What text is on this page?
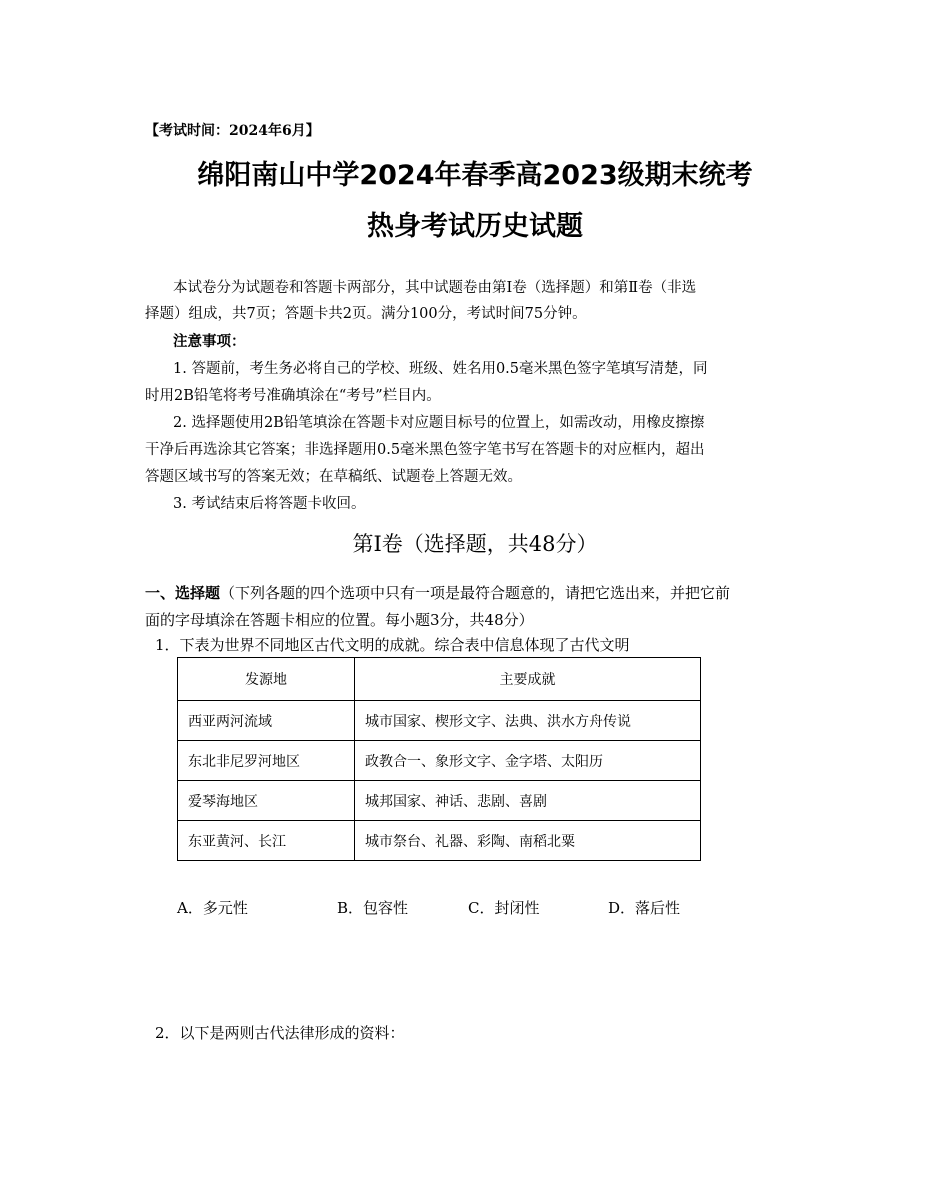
【考试时间：2024年6月】
绵阳南山中学2024年春季高2023级期末统考
热身考试历史试题
本试卷分为试题卷和答题卡两部分，其中试题卷由第Ⅰ卷（选择题）和第Ⅱ卷（非选
择题）组成，共7页；答题卡共2页。满分100分，考试时间75分钟。
注意事项：
1. 答题前，考生务必将自己的学校、班级、姓名用0.5毫米黑色签字笔填写清楚，同
时用2B铅笔将考号准确填涂在“考号”栏目内。
2. 选择题使用2B铅笔填涂在答题卡对应题目标号的位置上，如需改动，用橡皮擦擦
干净后再选涂其它答案；非选择题用0.5毫米黑色签字笔书写在答题卡的对应框内，超出
答题区域书写的答案无效；在草稿纸、试题卷上答题无效。
3. 考试结束后将答题卡收回。
第Ⅰ卷（选择题，共48分）
一、选择题（下列各题的四个选项中只有一项是最符合题意的，请把它选出来，并把它前
面的字母填涂在答题卡相应的位置。每小题3分，共48分）
1．下表为世界不同地区古代文明的成就。综合表中信息体现了古代文明
发源地	主要成就
西亚两河流域	城市国家、楔形文字、法典、洪水方舟传说
东北非尼罗河地区	政教合一、象形文字、金字塔、太阳历
爱琴海地区	城邦国家、神话、悲剧、喜剧
东亚黄河、长江	城市祭台、礼器、彩陶、南稻北粟
A．多元性	B．包容性	C．封闭性	D．落后性
2．以下是两则古代法律形成的资料：
